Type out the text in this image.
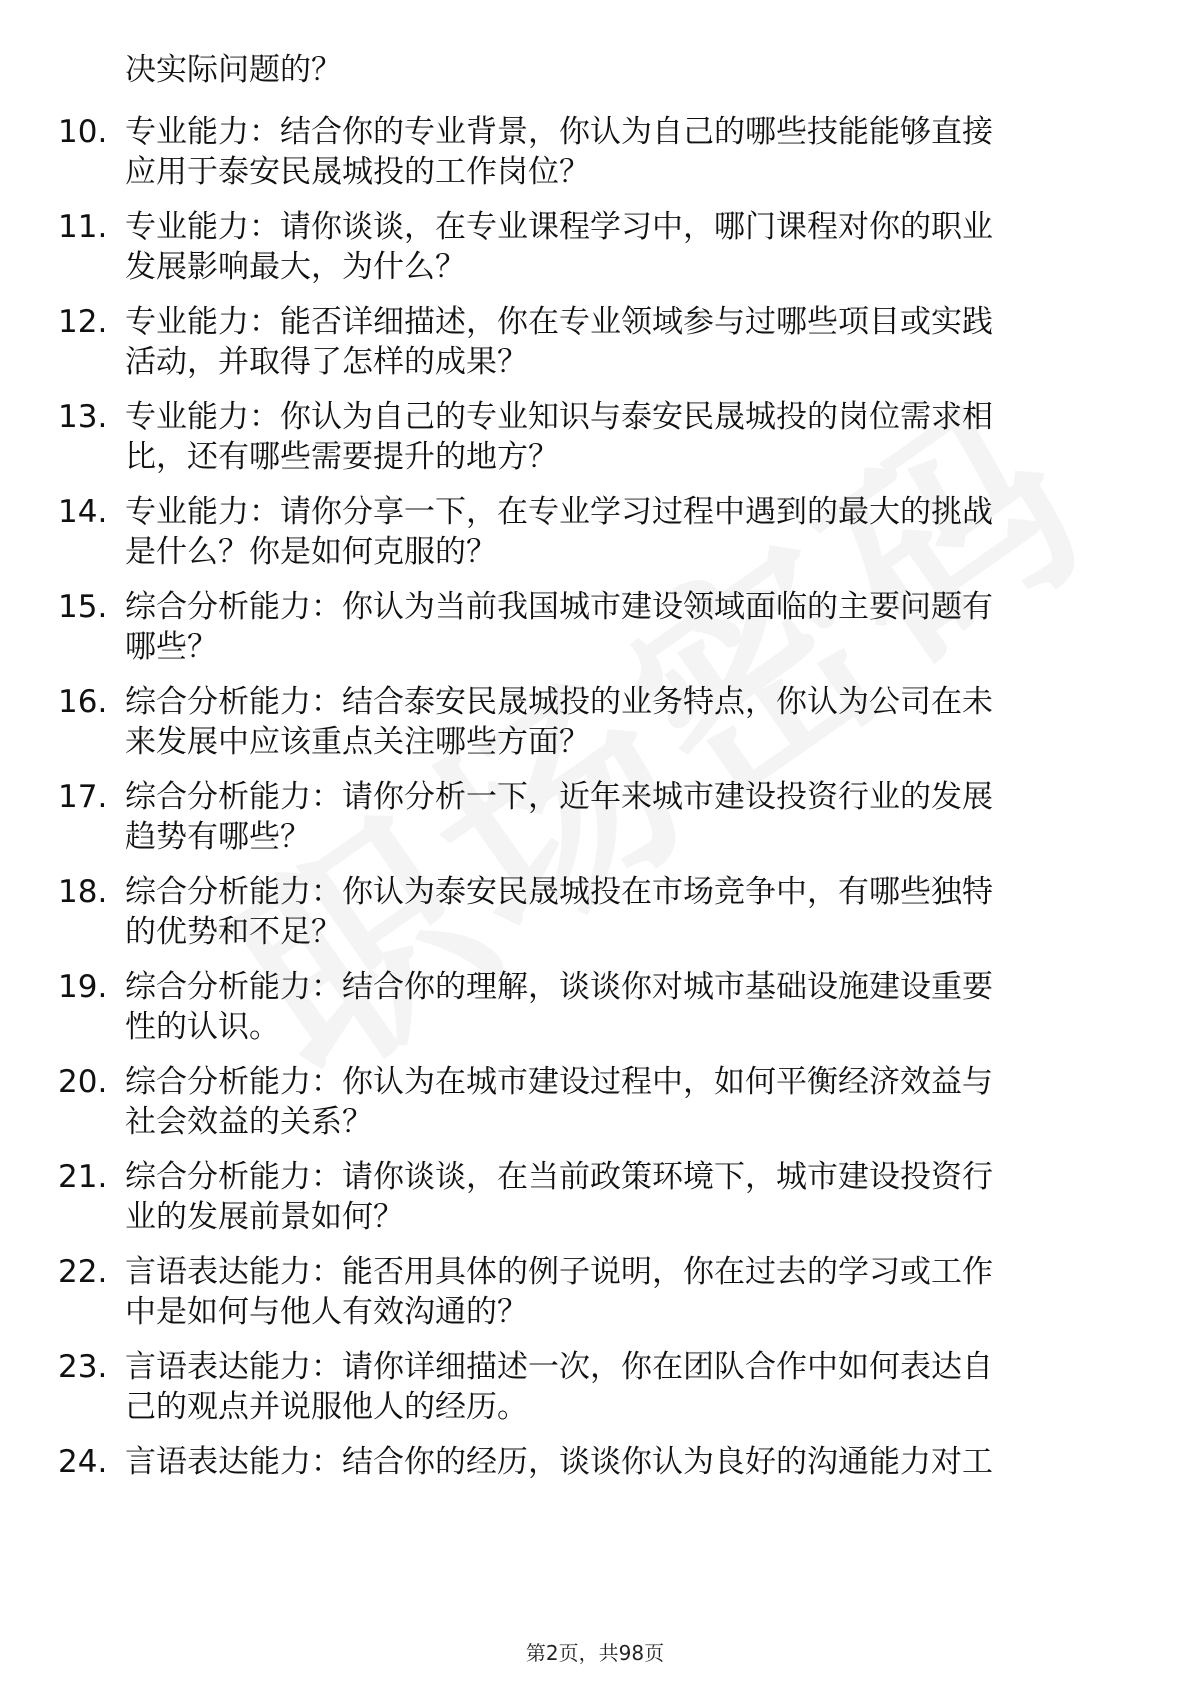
决实际问题的？
10. 专业能力：结合你的专业背景，你认为自己的哪些技能能够直接
应用于泰安民晟城投的工作岗位？
11. 专业能力：请你谈谈，在专业课程学习中，哪门课程对你的职业
发展影响最大，为什么？
12. 专业能力：能否详细描述，你在专业领域参与过哪些项目或实践
活动，并取得了怎样的成果？
13. 专业能力：你认为自己的专业知识与泰安民晟城投的岗位需求相
比，还有哪些需要提升的地方？
14. 专业能力：请你分享一下，在专业学习过程中遇到的最大的挑战
是什么？你是如何克服的？
15. 综合分析能力：你认为当前我国城市建设领域面临的主要问题有
哪些？
16. 综合分析能力：结合泰安民晟城投的业务特点，你认为公司在未
来发展中应该重点关注哪些方面？
17. 综合分析能力：请你分析一下，近年来城市建设投资行业的发展
趋势有哪些？
18. 综合分析能力：你认为泰安民晟城投在市场竞争中，有哪些独特
的优势和不足？
19. 综合分析能力：结合你的理解，谈谈你对城市基础设施建设重要
性的认识。
20. 综合分析能力：你认为在城市建设过程中，如何平衡经济效益与
社会效益的关系？
21. 综合分析能力：请你谈谈，在当前政策环境下，城市建设投资行
业的发展前景如何？
22. 言语表达能力：能否用具体的例子说明，你在过去的学习或工作
中是如何与他人有效沟通的？
23. 言语表达能力：请你详细描述一次，你在团队合作中如何表达自
己的观点并说服他人的经历。
24. 言语表达能力：结合你的经历，谈谈你认为良好的沟通能力对工
第2页，共98页
